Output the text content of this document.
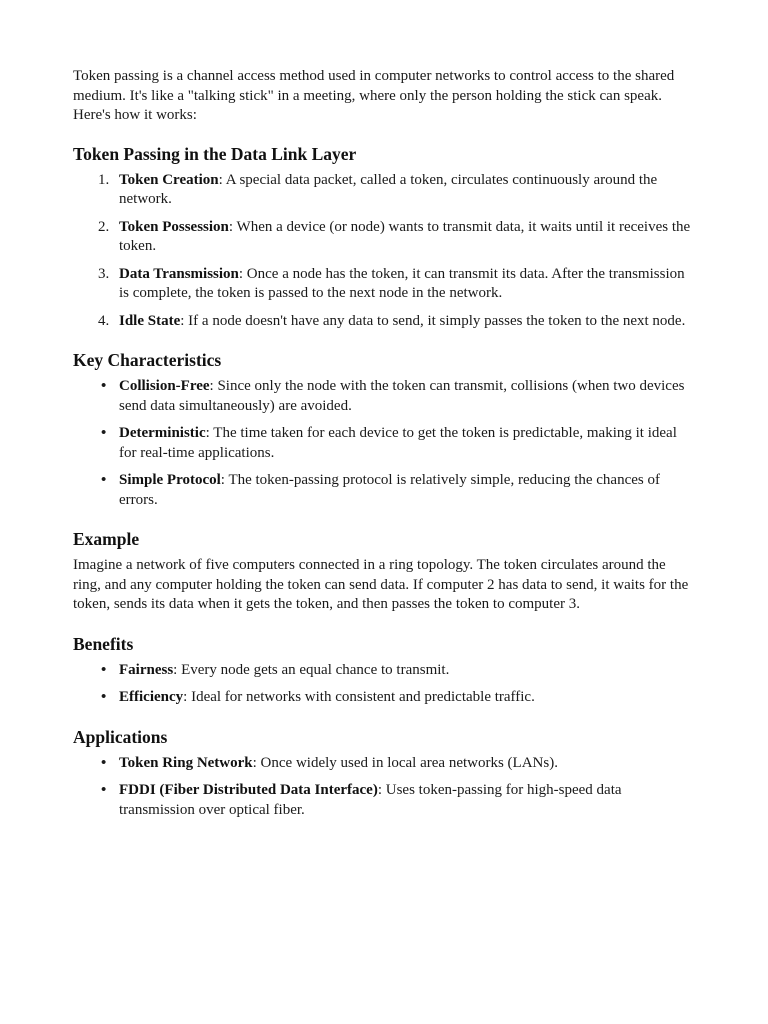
Token passing is a channel access method used in computer networks to control access to the shared medium. It's like a "talking stick" in a meeting, where only the person holding the stick can speak. Here's how it works:

Token Passing in the Data Link Layer
1. Token Creation: A special data packet, called a token, circulates continuously around the network.
2. Token Possession: When a device (or node) wants to transmit data, it waits until it receives the token.
3. Data Transmission: Once a node has the token, it can transmit its data. After the transmission is complete, the token is passed to the next node in the network.
4. Idle State: If a node doesn't have any data to send, it simply passes the token to the next node.
Key Characteristics
• Collision-Free: Since only the node with the token can transmit, collisions (when two devices send data simultaneously) are avoided.
• Deterministic: The time taken for each device to get the token is predictable, making it ideal for real-time applications.
• Simple Protocol: The token-passing protocol is relatively simple, reducing the chances of errors.
Example

Imagine a network of five computers connected in a ring topology. The token circulates around the ring, and any computer holding the token can send data. If computer 2 has data to send, it waits for the token, sends its data when it gets the token, and then passes the token to computer 3.

Benefits
• Fairness: Every node gets an equal chance to transmit.
• Efficiency: Ideal for networks with consistent and predictable traffic.
Applications
• Token Ring Network: Once widely used in local area networks (LANs).
• FDDI (Fiber Distributed Data Interface): Uses token-passing for high-speed data transmission over optical fiber.
